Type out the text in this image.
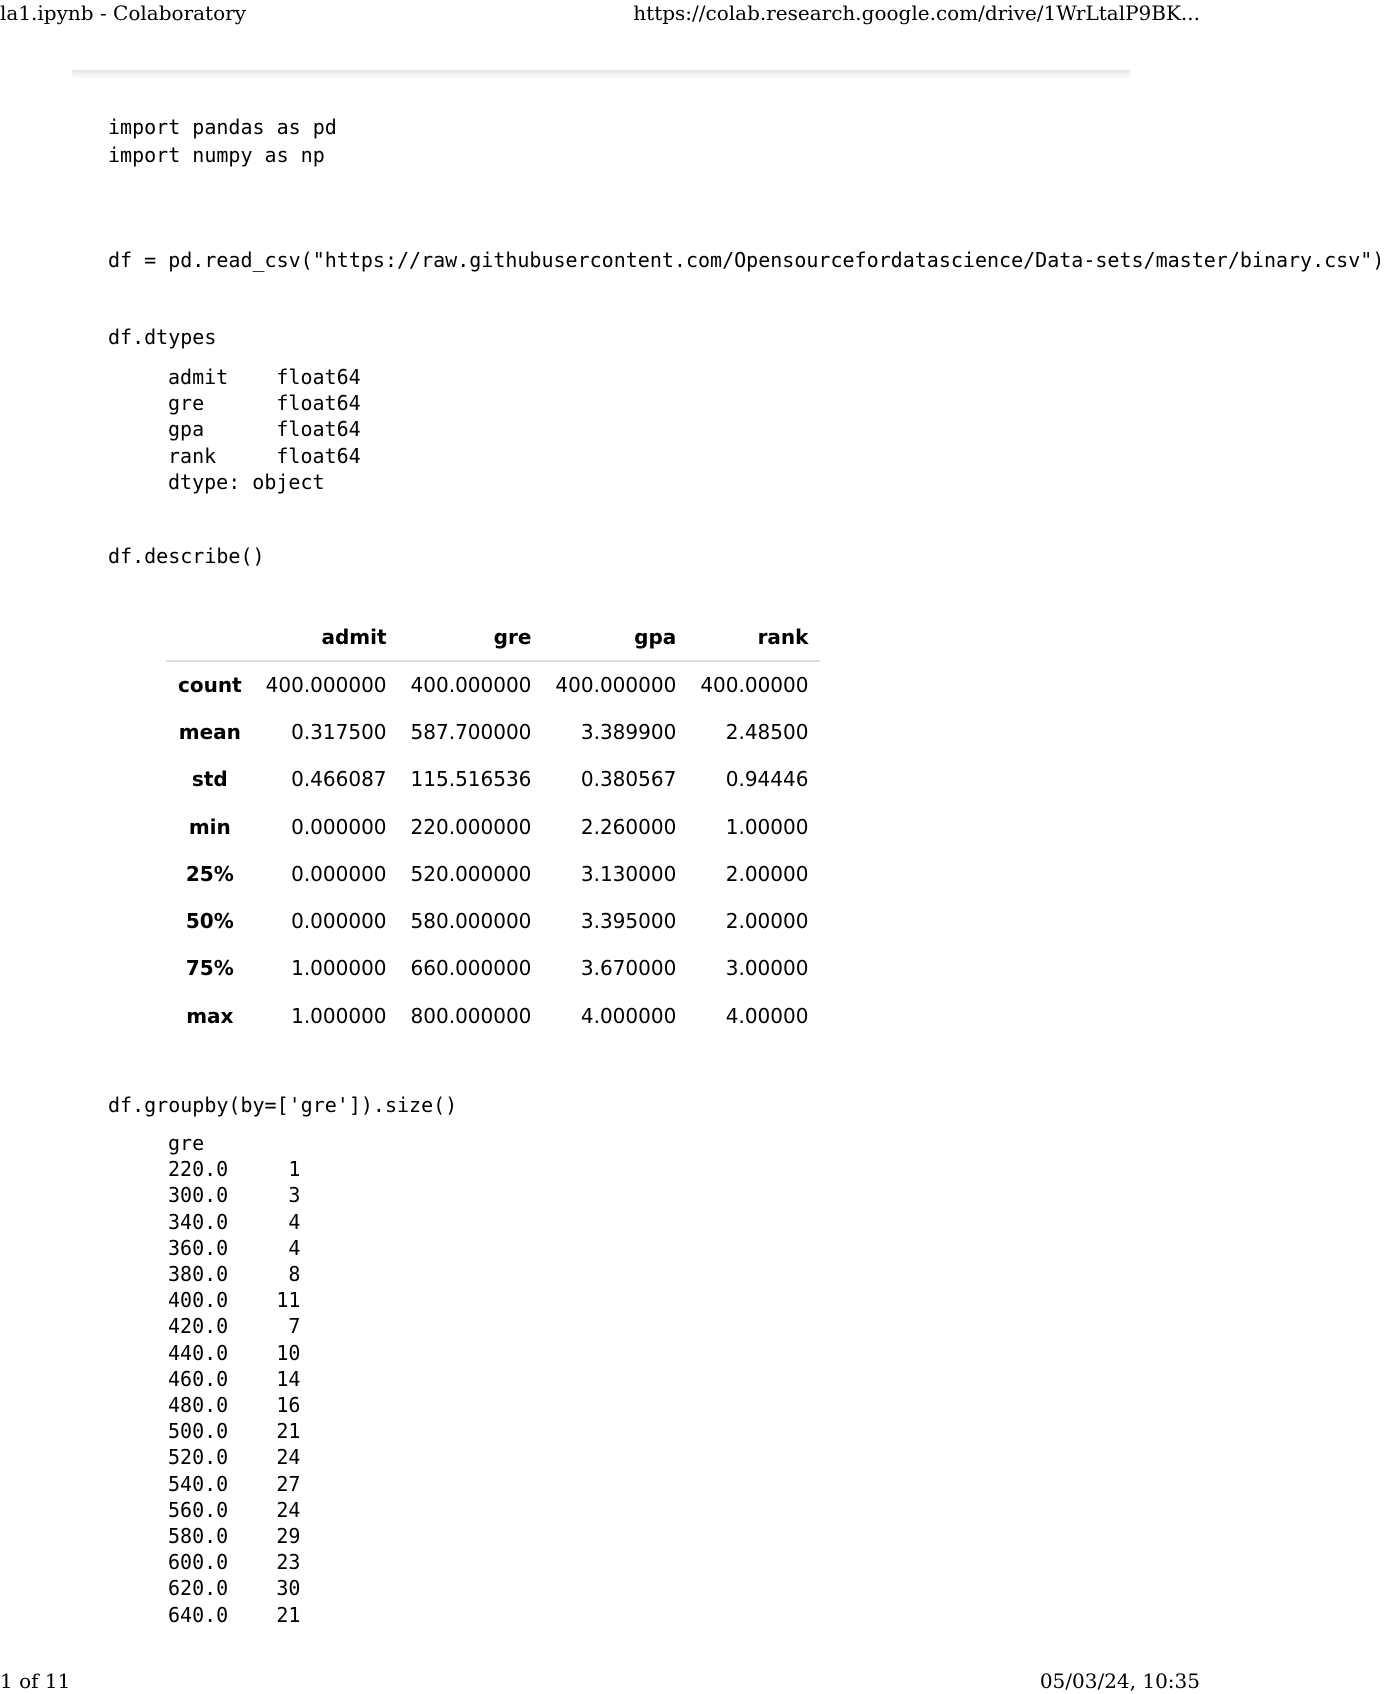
la1.ipynb - Colaboratory	https://colab.research.google.com/drive/1WrLtalP9BK...
import pandas as pd
import numpy as np
df = pd.read_csv("https://raw.githubusercontent.com/Opensourcefordatascience/Data-sets/master/binary.csv")
df.dtypes
admit    float64
gre      float64
gpa      float64
rank     float64
dtype: object
df.describe()
	admit	gre	gpa	rank
count	400.000000	400.000000	400.000000	400.00000
mean	0.317500	587.700000	3.389900	2.48500
std	0.466087	115.516536	0.380567	0.94446
min	0.000000	220.000000	2.260000	1.00000
25%	0.000000	520.000000	3.130000	2.00000
50%	0.000000	580.000000	3.395000	2.00000
75%	1.000000	660.000000	3.670000	3.00000
max	1.000000	800.000000	4.000000	4.00000
df.groupby(by=['gre']).size()
gre
220.0     1
300.0     3
340.0     4
360.0     4
380.0     8
400.0    11
420.0     7
440.0    10
460.0    14
480.0    16
500.0    21
520.0    24
540.0    27
560.0    24
580.0    29
600.0    23
620.0    30
640.0    21
1 of 11	05/03/24, 10:35
